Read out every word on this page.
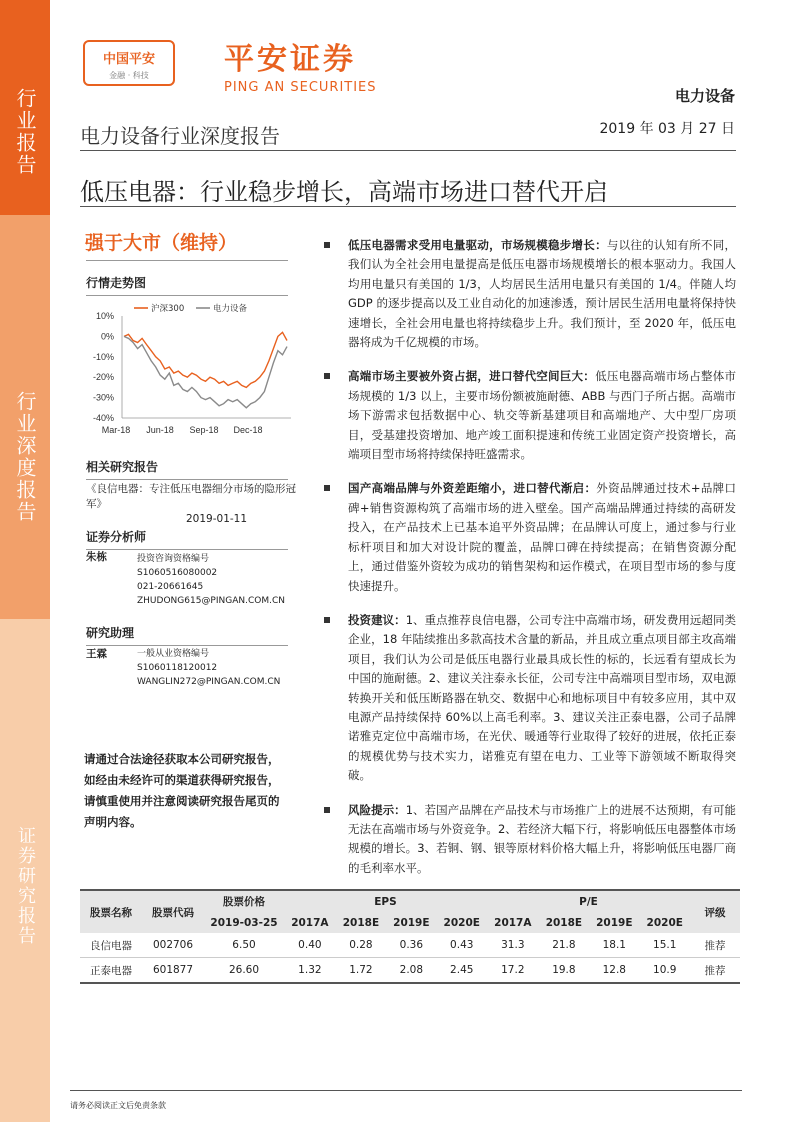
行业报告
行业深度报告
证券研究报告
中国平安
金融 · 科技	平安证券
PING AN SECURITIES	电力设备
电力设备行业深度报告	2019 年 03 月 27 日
低压电器：行业稳步增长，高端市场进口替代开启
强于大市（维持）
行情走势图
沪深300	电力设备
10%
0%
-10%
-20%
-30%
-40%
Mar-18 Jun-18 Sep-18 Dec-18
相关研究报告
《良信电器：专注低压电器细分市场的隐形冠军》
2019-01-11
证券分析师
朱栋	投资咨询资格编号
S1060516080002
021-20661645
ZHUDONG615@PINGAN.COM.CN
研究助理
王霖	一般从业资格编号
S1060118120012
WANGLIN272@PINGAN.COM.CN
请通过合法途径获取本公司研究报告，如经由未经许可的渠道获得研究报告，请慎重使用并注意阅读研究报告尾页的声明内容。
低压电器需求受用电量驱动，市场规模稳步增长：与以往的认知有所不同，我们认为全社会用电量提高是低压电器市场规模增长的根本驱动力。我国人均用电量只有美国的 1/3，人均居民生活用电量只有美国的 1/4。伴随人均 GDP 的逐步提高以及工业自动化的加速渗透，预计居民生活用电量将保持快速增长，全社会用电量也将持续稳步上升。我们预计，至 2020 年，低压电器将成为千亿规模的市场。
高端市场主要被外资占据，进口替代空间巨大：低压电器高端市场占整体市场规模的 1/3 以上，主要市场份额被施耐德、ABB 与西门子所占据。高端市场下游需求包括数据中心、轨交等新基建项目和高端地产、大中型厂房项目，受基建投资增加、地产竣工面积提速和传统工业固定资产投资增长，高端项目型市场将持续保持旺盛需求。
国产高端品牌与外资差距缩小，进口替代渐启：外资品牌通过技术+品牌口碑+销售资源构筑了高端市场的进入壁垒。国产高端品牌通过持续的高研发投入，在产品技术上已基本追平外资品牌；在品牌认可度上，通过参与行业标杆项目和加大对设计院的覆盖，品牌口碑在持续提高；在销售资源分配上，通过借鉴外资较为成功的销售架构和运作模式，在项目型市场的参与度快速提升。
投资建议：1、重点推荐良信电器，公司专注中高端市场，研发费用远超同类企业，18 年陆续推出多款高技术含量的新品，并且成立重点项目部主攻高端项目，我们认为公司是低压电器行业最具成长性的标的，长远看有望成长为中国的施耐德。2、建议关注泰永长征，公司专注中高端项目型市场，双电源转换开关和低压断路器在轨交、数据中心和地标项目中有较多应用，其中双电源产品持续保持 60%以上高毛利率。3、建议关注正泰电器，公司子品牌诺雅克定位中高端市场，在光伏、暖通等行业取得了较好的进展，依托正泰的规模优势与技术实力，诺雅克有望在电力、工业等下游领域不断取得突破。
风险提示：1、若国产品牌在产品技术与市场推广上的进展不达预期，有可能无法在高端市场与外资竞争。2、若经济大幅下行，将影响低压电器整体市场规模的增长。3、若铜、钢、银等原材料价格大幅上升，将影响低压电器厂商的毛利率水平。
股票名称	股票代码	股票价格	EPS				P/E				评级
		2019-03-25	2017A	2018E	2019E	2020E	2017A	2018E	2019E	2020E	
良信电器	002706	6.50	0.40	0.28	0.36	0.43	31.3	21.8	18.1	15.1	推荐
正泰电器	601877	26.60	1.32	1.72	2.08	2.45	17.2	19.8	12.8	10.9	推荐
请务必阅读正文后免责条款
